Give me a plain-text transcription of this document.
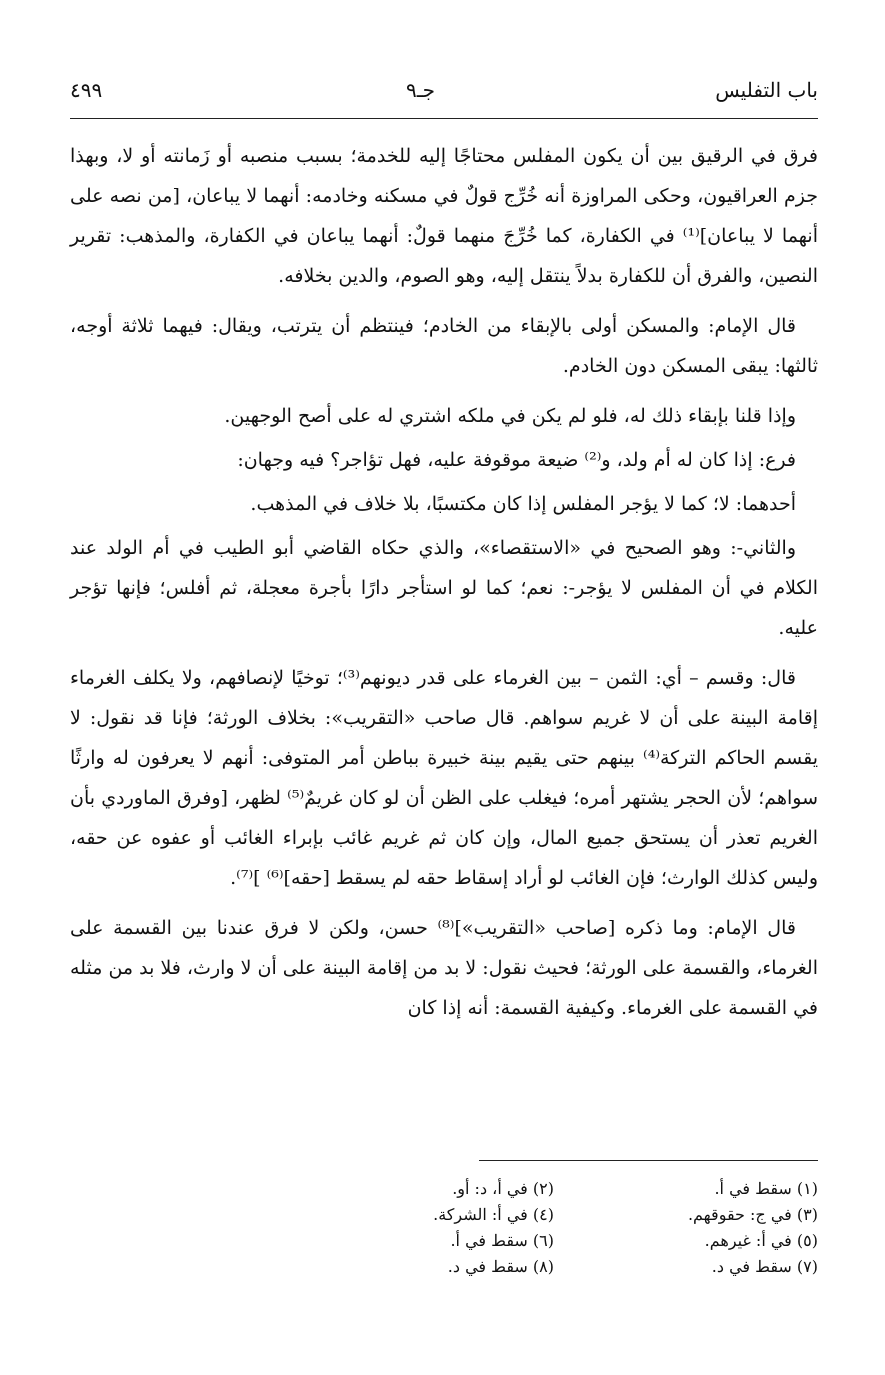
باب التفليس
جـ٩
٤٩٩

فرق في الرقيق بين أن يكون المفلس محتاجًا إليه للخدمة؛ بسبب منصبه أو زَمانته أو لا، وبهذا جزم العراقيون، وحكى المراوزة أنه خُرِّج قولٌ في مسكنه وخادمه: أنهما لا يباعان، [من نصه على أنهما لا يباعان]⁽¹⁾ في الكفارة، كما خُرِّجَ منهما قولٌ: أنهما يباعان في الكفارة، والمذهب: تقرير النصين، والفرق أن للكفارة بدلاً ينتقل إليه، وهو الصوم، والدين بخلافه.

قال الإمام: والمسكن أولى بالإبقاء من الخادم؛ فينتظم أن يترتب، ويقال: فيهما ثلاثة أوجه، ثالثها: يبقى المسكن دون الخادم.

وإذا قلنا بإبقاء ذلك له، فلو لم يكن في ملكه اشتري له على أصح الوجهين.

فرع: إذا كان له أم ولد، و⁽²⁾ ضيعة موقوفة عليه، فهل تؤاجر؟ فيه وجهان:

أحدهما: لا؛ كما لا يؤجر المفلس إذا كان مكتسبًا، بلا خلاف في المذهب.

والثاني-: وهو الصحيح في «الاستقصاء»، والذي حكاه القاضي أبو الطيب في أم الولد عند الكلام في أن المفلس لا يؤجر-: نعم؛ كما لو استأجر دارًا بأجرة معجلة، ثم أفلس؛ فإنها تؤجر عليه.

قال: وقسم – أي: الثمن – بين الغرماء على قدر ديونهم⁽³⁾؛ توخيًا لإنصافهم، ولا يكلف الغرماء إقامة البينة على أن لا غريم سواهم. قال صاحب «التقريب»: بخلاف الورثة؛ فإنا قد نقول: لا يقسم الحاكم التركة⁽⁴⁾ بينهم حتى يقيم بينة خبيرة بباطن أمر المتوفى: أنهم لا يعرفون له وارثًا سواهم؛ لأن الحجر يشتهر أمره؛ فيغلب على الظن أن لو كان غريمٌ⁽⁵⁾ لظهر، [وفرق الماوردي بأن الغريم تعذر أن يستحق جميع المال، وإن كان ثم غريم غائب بإبراء الغائب أو عفوه عن حقه، وليس كذلك الوارث؛ فإن الغائب لو أراد إسقاط حقه لم يسقط [حقه]⁽⁶⁾ ]⁽⁷⁾.

قال الإمام: وما ذكره [صاحب «التقريب»]⁽⁸⁾ حسن، ولكن لا فرق عندنا بين القسمة على الغرماء، والقسمة على الورثة؛ فحيث نقول: لا بد من إقامة البينة على أن لا وارث، فلا بد من مثله في القسمة على الغرماء. وكيفية القسمة: أنه إذا كان

(١) سقط في أ.
(٢) في أ، د: أو.
(٣) في ج: حقوقهم.
(٤) في أ: الشركة.
(٥) في أ: غيرهم.
(٦) سقط في أ.
(٧) سقط في د.
(٨) سقط في د.
